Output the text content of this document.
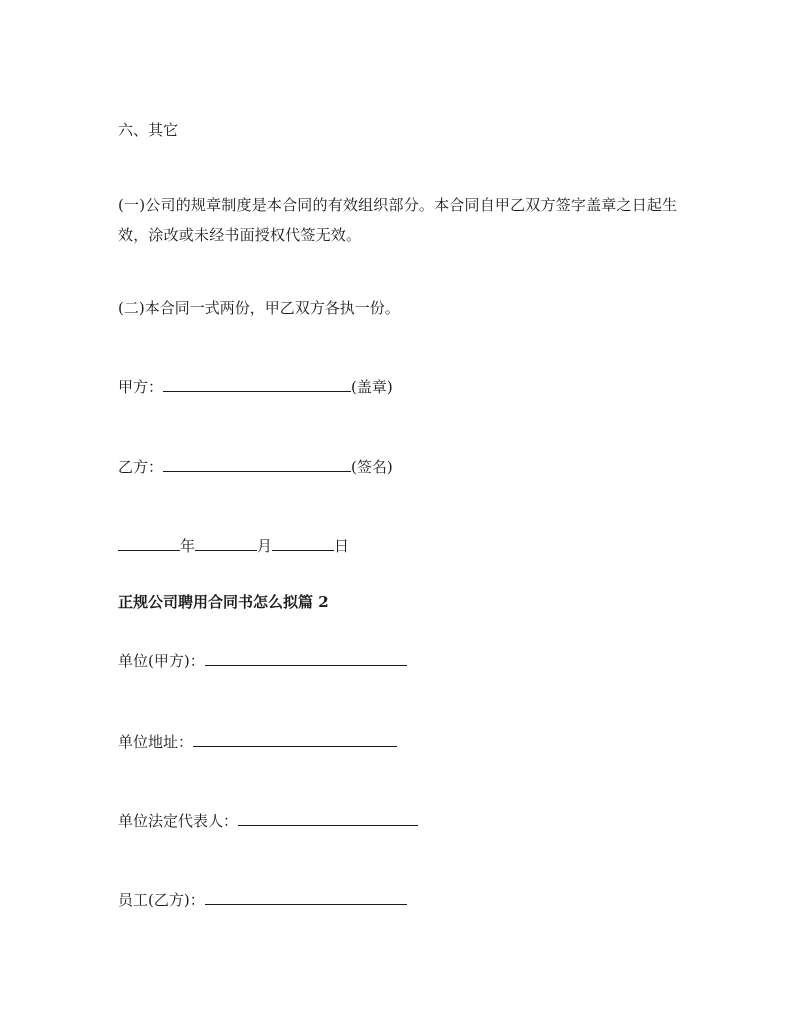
六、其它
(一)公司的规章制度是本合同的有效组织部分。本合同自甲乙双方签字盖章之日起生效，涂改或未经书面授权代签无效。
(二)本合同一式两份，甲乙双方各执一份。
甲方：	(盖章)
乙方：	(签名)
年	月	日
正规公司聘用合同书怎么拟篇 2
单位(甲方)：
单位地址：
单位法定代表人：
员工(乙方)：
